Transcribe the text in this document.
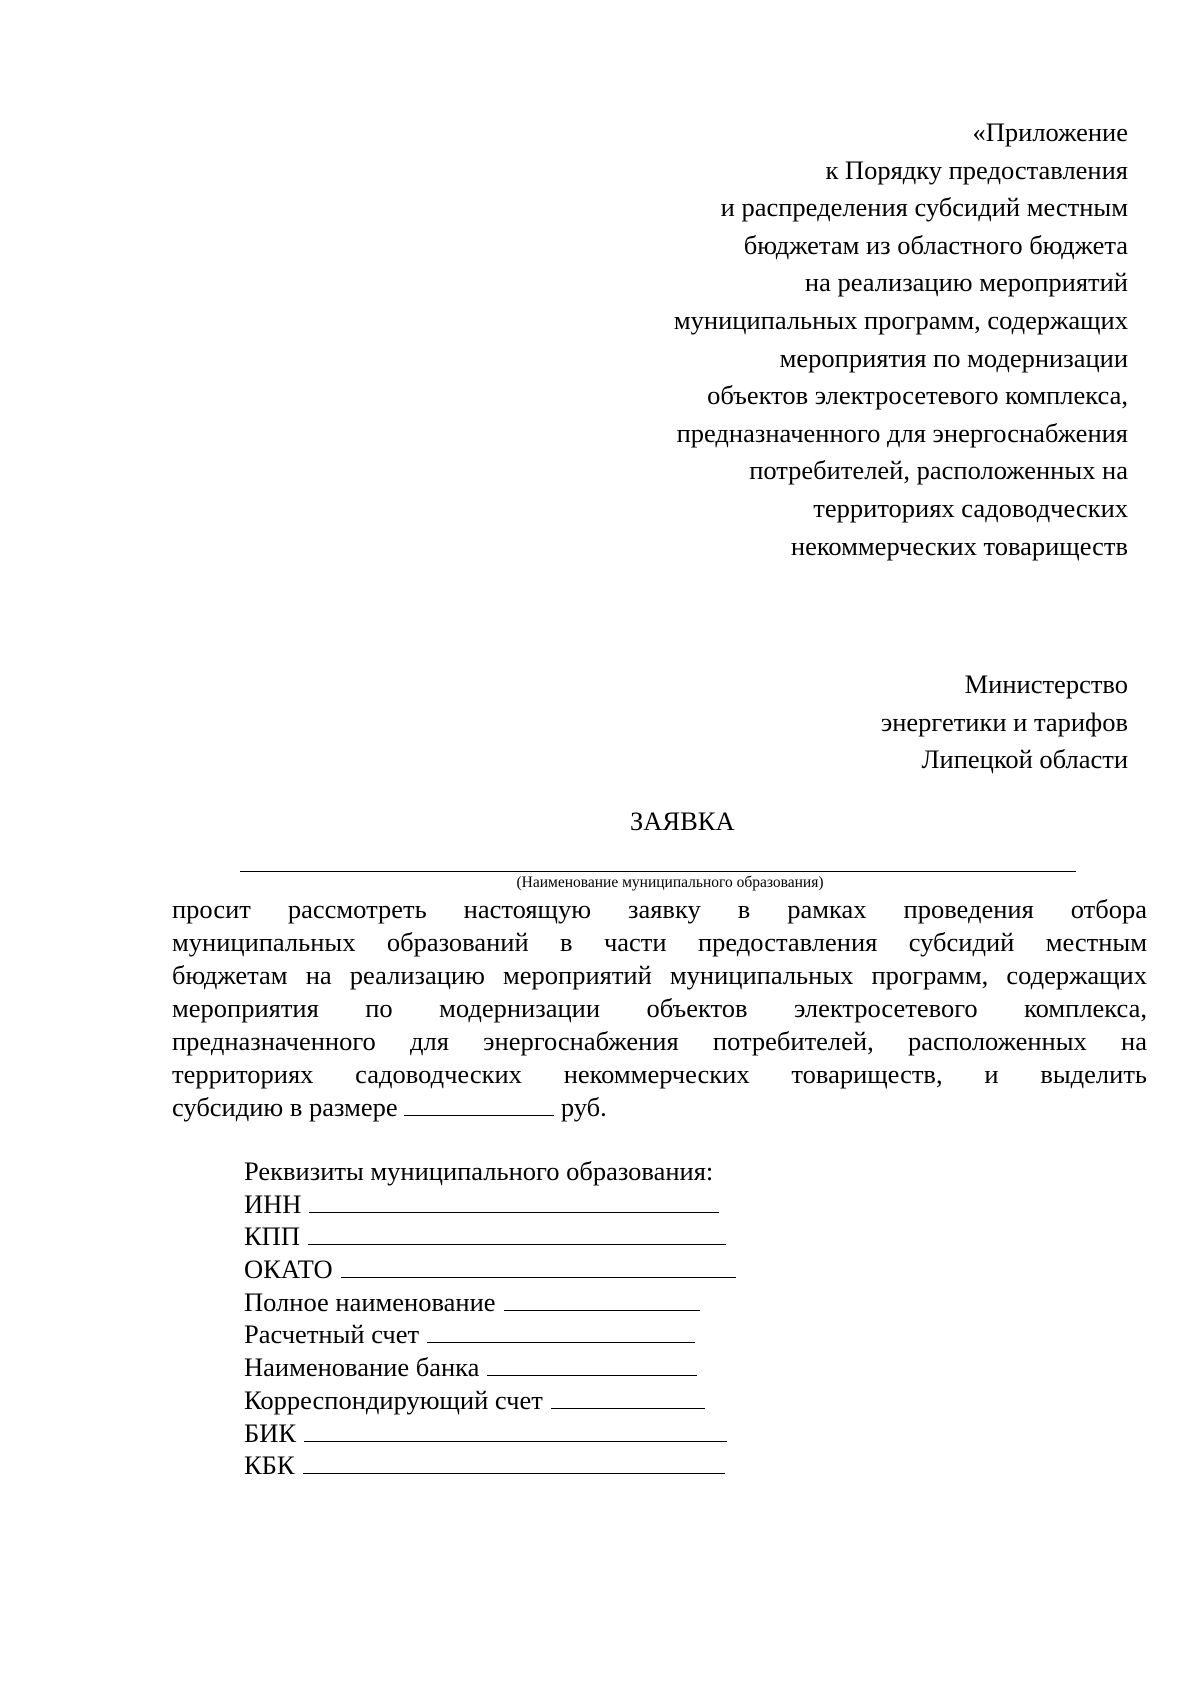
«Приложение
к Порядку предоставления
и распределения субсидий местным
бюджетам из областного бюджета
на реализацию мероприятий
муниципальных программ, содержащих
мероприятия по модернизации
объектов электросетевого комплекса,
предназначенного для энергоснабжения
потребителей, расположенных на
территориях садоводческих
некоммерческих товариществ
Министерство
энергетики и тарифов
Липецкой области
ЗАЯВКА
(Наименование муниципального образования)
просит рассмотреть настоящую заявку в рамках проведения отбора
муниципальных образований в части предоставления субсидий местным
бюджетам на реализацию мероприятий муниципальных программ, содержащих
мероприятия по модернизации объектов электросетевого комплекса,
предназначенного для энергоснабжения потребителей, расположенных на
территориях садоводческих некоммерческих товариществ, и выделить
субсидию в размере	руб.
Реквизиты муниципального образования:
ИНН
КПП
ОКАТО
Полное наименование
Расчетный счет
Наименование банка
Корреспондирующий счет
БИК
КБК
